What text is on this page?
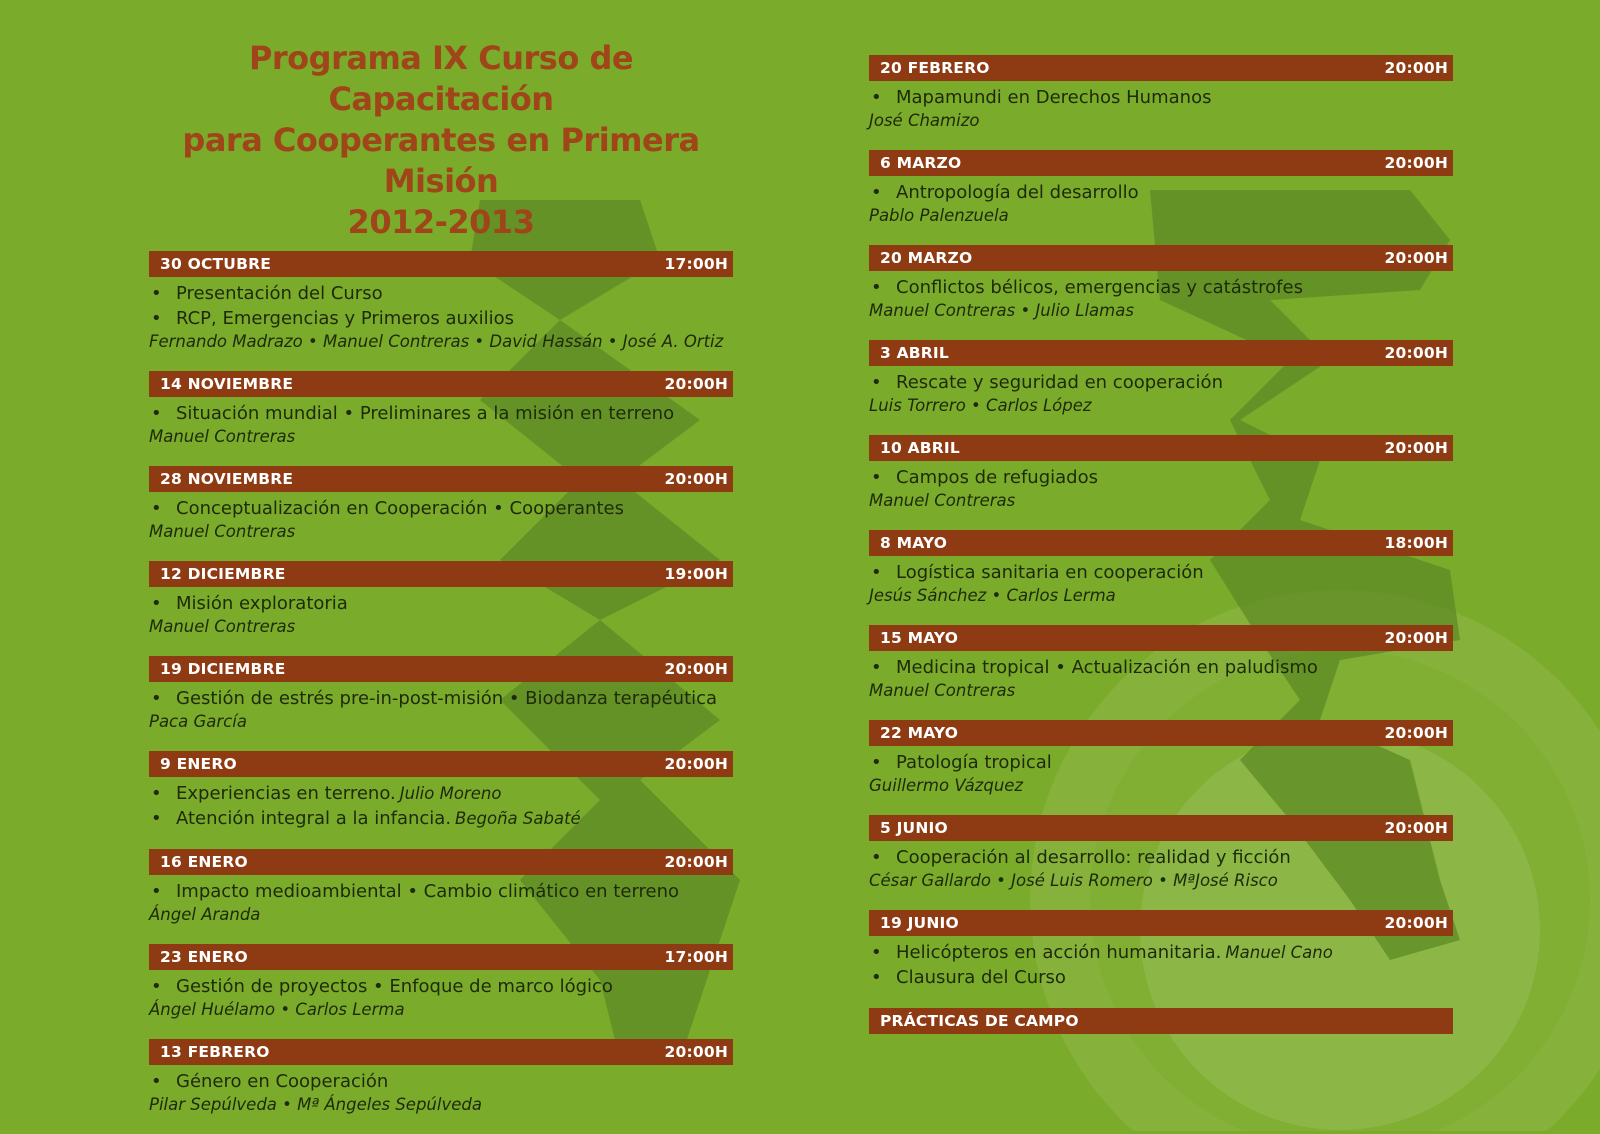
Programa IX Curso de Capacitación
para Cooperantes en Primera Misión
2012-2013
30 OCTUBRE	17:00H
• Presentación del Curso
• RCP, Emergencias y Primeros auxilios
Fernando Madrazo • Manuel Contreras • David Hassán • José A. Ortiz
14 NOVIEMBRE	20:00H
• Situación mundial • Preliminares a la misión en terreno
Manuel Contreras
28 NOVIEMBRE	20:00H
• Conceptualización en Cooperación • Cooperantes
Manuel Contreras
12 DICIEMBRE	19:00H
• Misión exploratoria
Manuel Contreras
19 DICIEMBRE	20:00H
• Gestión de estrés pre-in-post-misión • Biodanza terapéutica
Paca García
9 ENERO	20:00H
• Experiencias en terreno. Julio Moreno
• Atención integral a la infancia. Begoña Sabaté
16 ENERO	20:00H
• Impacto medioambiental • Cambio climático en terreno
Ángel Aranda
23 ENERO	17:00H
• Gestión de proyectos • Enfoque de marco lógico
Ángel Huélamo • Carlos Lerma
13 FEBRERO	20:00H
• Género en Cooperación
Pilar Sepúlveda • Mª Ángeles Sepúlveda
20 FEBRERO	20:00H
• Mapamundi en Derechos Humanos
José Chamizo
6 MARZO	20:00H
• Antropología del desarrollo
Pablo Palenzuela
20 MARZO	20:00H
• Conflictos bélicos, emergencias y catástrofes
Manuel Contreras • Julio Llamas
3 ABRIL	20:00H
• Rescate y seguridad en cooperación
Luis Torrero • Carlos López
10 ABRIL	20:00H
• Campos de refugiados
Manuel Contreras
8 MAYO	18:00H
• Logística sanitaria en cooperación
Jesús Sánchez • Carlos Lerma
15 MAYO	20:00H
• Medicina tropical • Actualización en paludismo
Manuel Contreras
22 MAYO	20:00H
• Patología tropical
Guillermo Vázquez
5 JUNIO	20:00H
• Cooperación al desarrollo: realidad y ficción
César Gallardo • José Luis Romero • MªJosé Risco
19 JUNIO	20:00H
• Helicópteros en acción humanitaria. Manuel Cano
• Clausura del Curso
PRÁCTICAS DE CAMPO
